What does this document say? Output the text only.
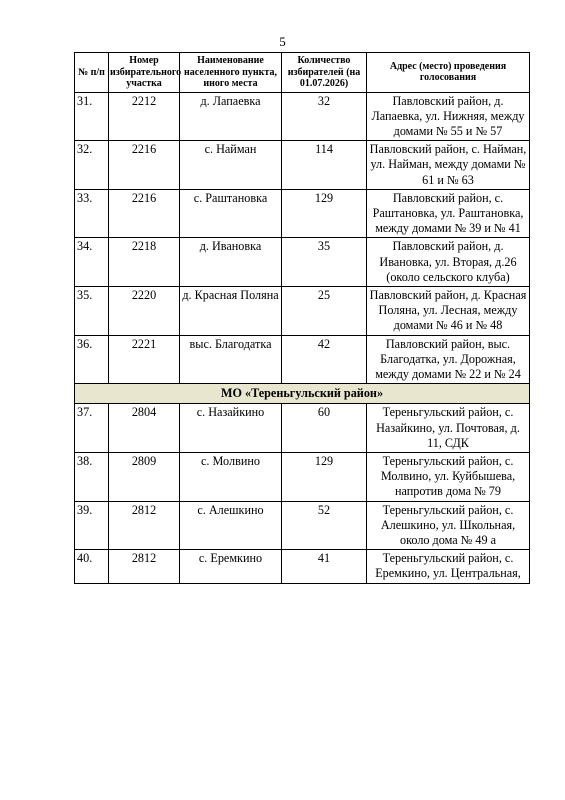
5
№ п/п	Номер избирательного участка	Наименование населенного пункта, иного места	Количество избирателей (на 01.07.2026)	Адрес (место) проведения голосования
31.	2212	д. Лапаевка	32	Павловский район, д. Лапаевка, ул. Нижняя, между домами № 55 и № 57
32.	2216	с. Найман	114	Павловский район, с. Найман, ул. Найман, между домами № 61 и № 63
33.	2216	с. Раштановка	129	Павловский район, с. Раштановка, ул. Раштановка, между домами № 39 и № 41
34.	2218	д. Ивановка	35	Павловский район, д. Ивановка, ул. Вторая, д.26 (около сельского клуба)
35.	2220	д. Красная Поляна	25	Павловский район, д. Красная Поляна, ул. Лесная, между домами № 46 и № 48
36.	2221	выс. Благодатка	42	Павловский район, выс. Благодатка, ул. Дорожная, между домами № 22 и № 24
МО «Тереньгульский район»				
37.	2804	с. Назайкино	60	Тереньгульский район, с. Назайкино, ул. Почтовая, д. 11, СДК
38.	2809	с. Молвино	129	Тереньгульский район, с. Молвино, ул. Куйбышева, напротив дома № 79
39.	2812	с. Алешкино	52	Тереньгульский район, с. Алешкино, ул. Школьная, около дома № 49 а
40.	2812	с. Еремкино	41	Тереньгульский район, с. Еремкино, ул. Центральная,
